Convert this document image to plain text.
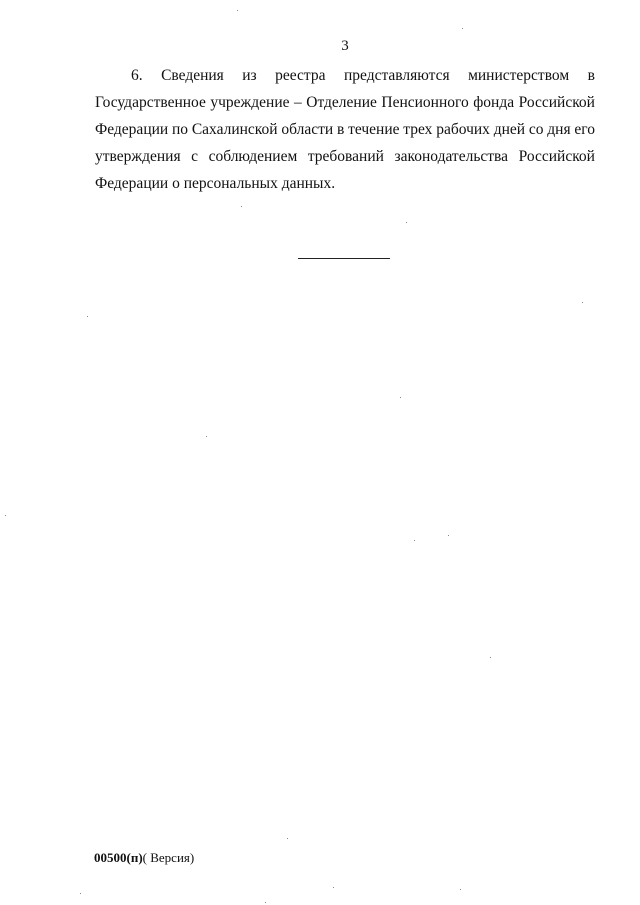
3
6. Сведения из реестра представляются министерством в
Государственное учреждение – Отделение Пенсионного фонда Российской
Федерации по Сахалинской области в течение трех рабочих дней со дня его
утверждения с соблюдением требований законодательства Российской
Федерации о персональных данных.
00500(п)( Версия)
